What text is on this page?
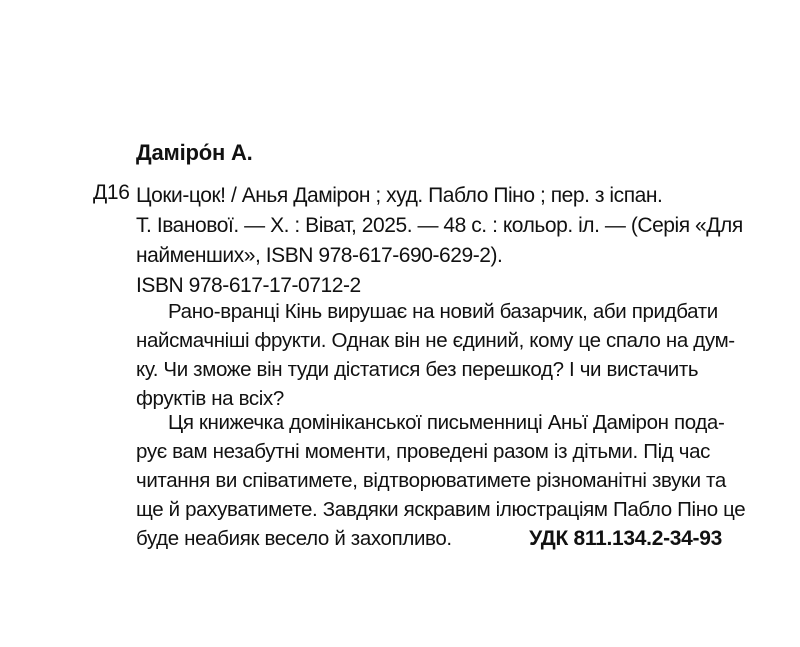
Даміро́н А.
Д16 Цоки-цок! / Анья Дамірон ; худ. Пабло Піно ; пер. з іспан.
Т. Іванової. — Х. : Віват, 2025. — 48 с. : кольор. іл. — (Серія «Для
найменших», ISBN 978-617-690-629-2).
ISBN 978-617-17-0712-2
Рано-вранці Кінь вирушає на новий базарчик, аби придбати
найсмачніші фрукти. Однак він не єдиний, кому це спало на дум-
ку. Чи зможе він туди дістатися без перешкод? І чи вистачить
фруктів на всіх?
Ця книжечка домініканської письменниці Аньї Дамірон пода-
рує вам незабутні моменти, проведені разом із дітьми. Під час
читання ви співатимете, відтворюватимете різноманітні звуки та
ще й рахуватимете. Завдяки яскравим ілюстраціям Пабло Піно це
буде неабияк весело й захопливо.	УДК 811.134.2-34-93
